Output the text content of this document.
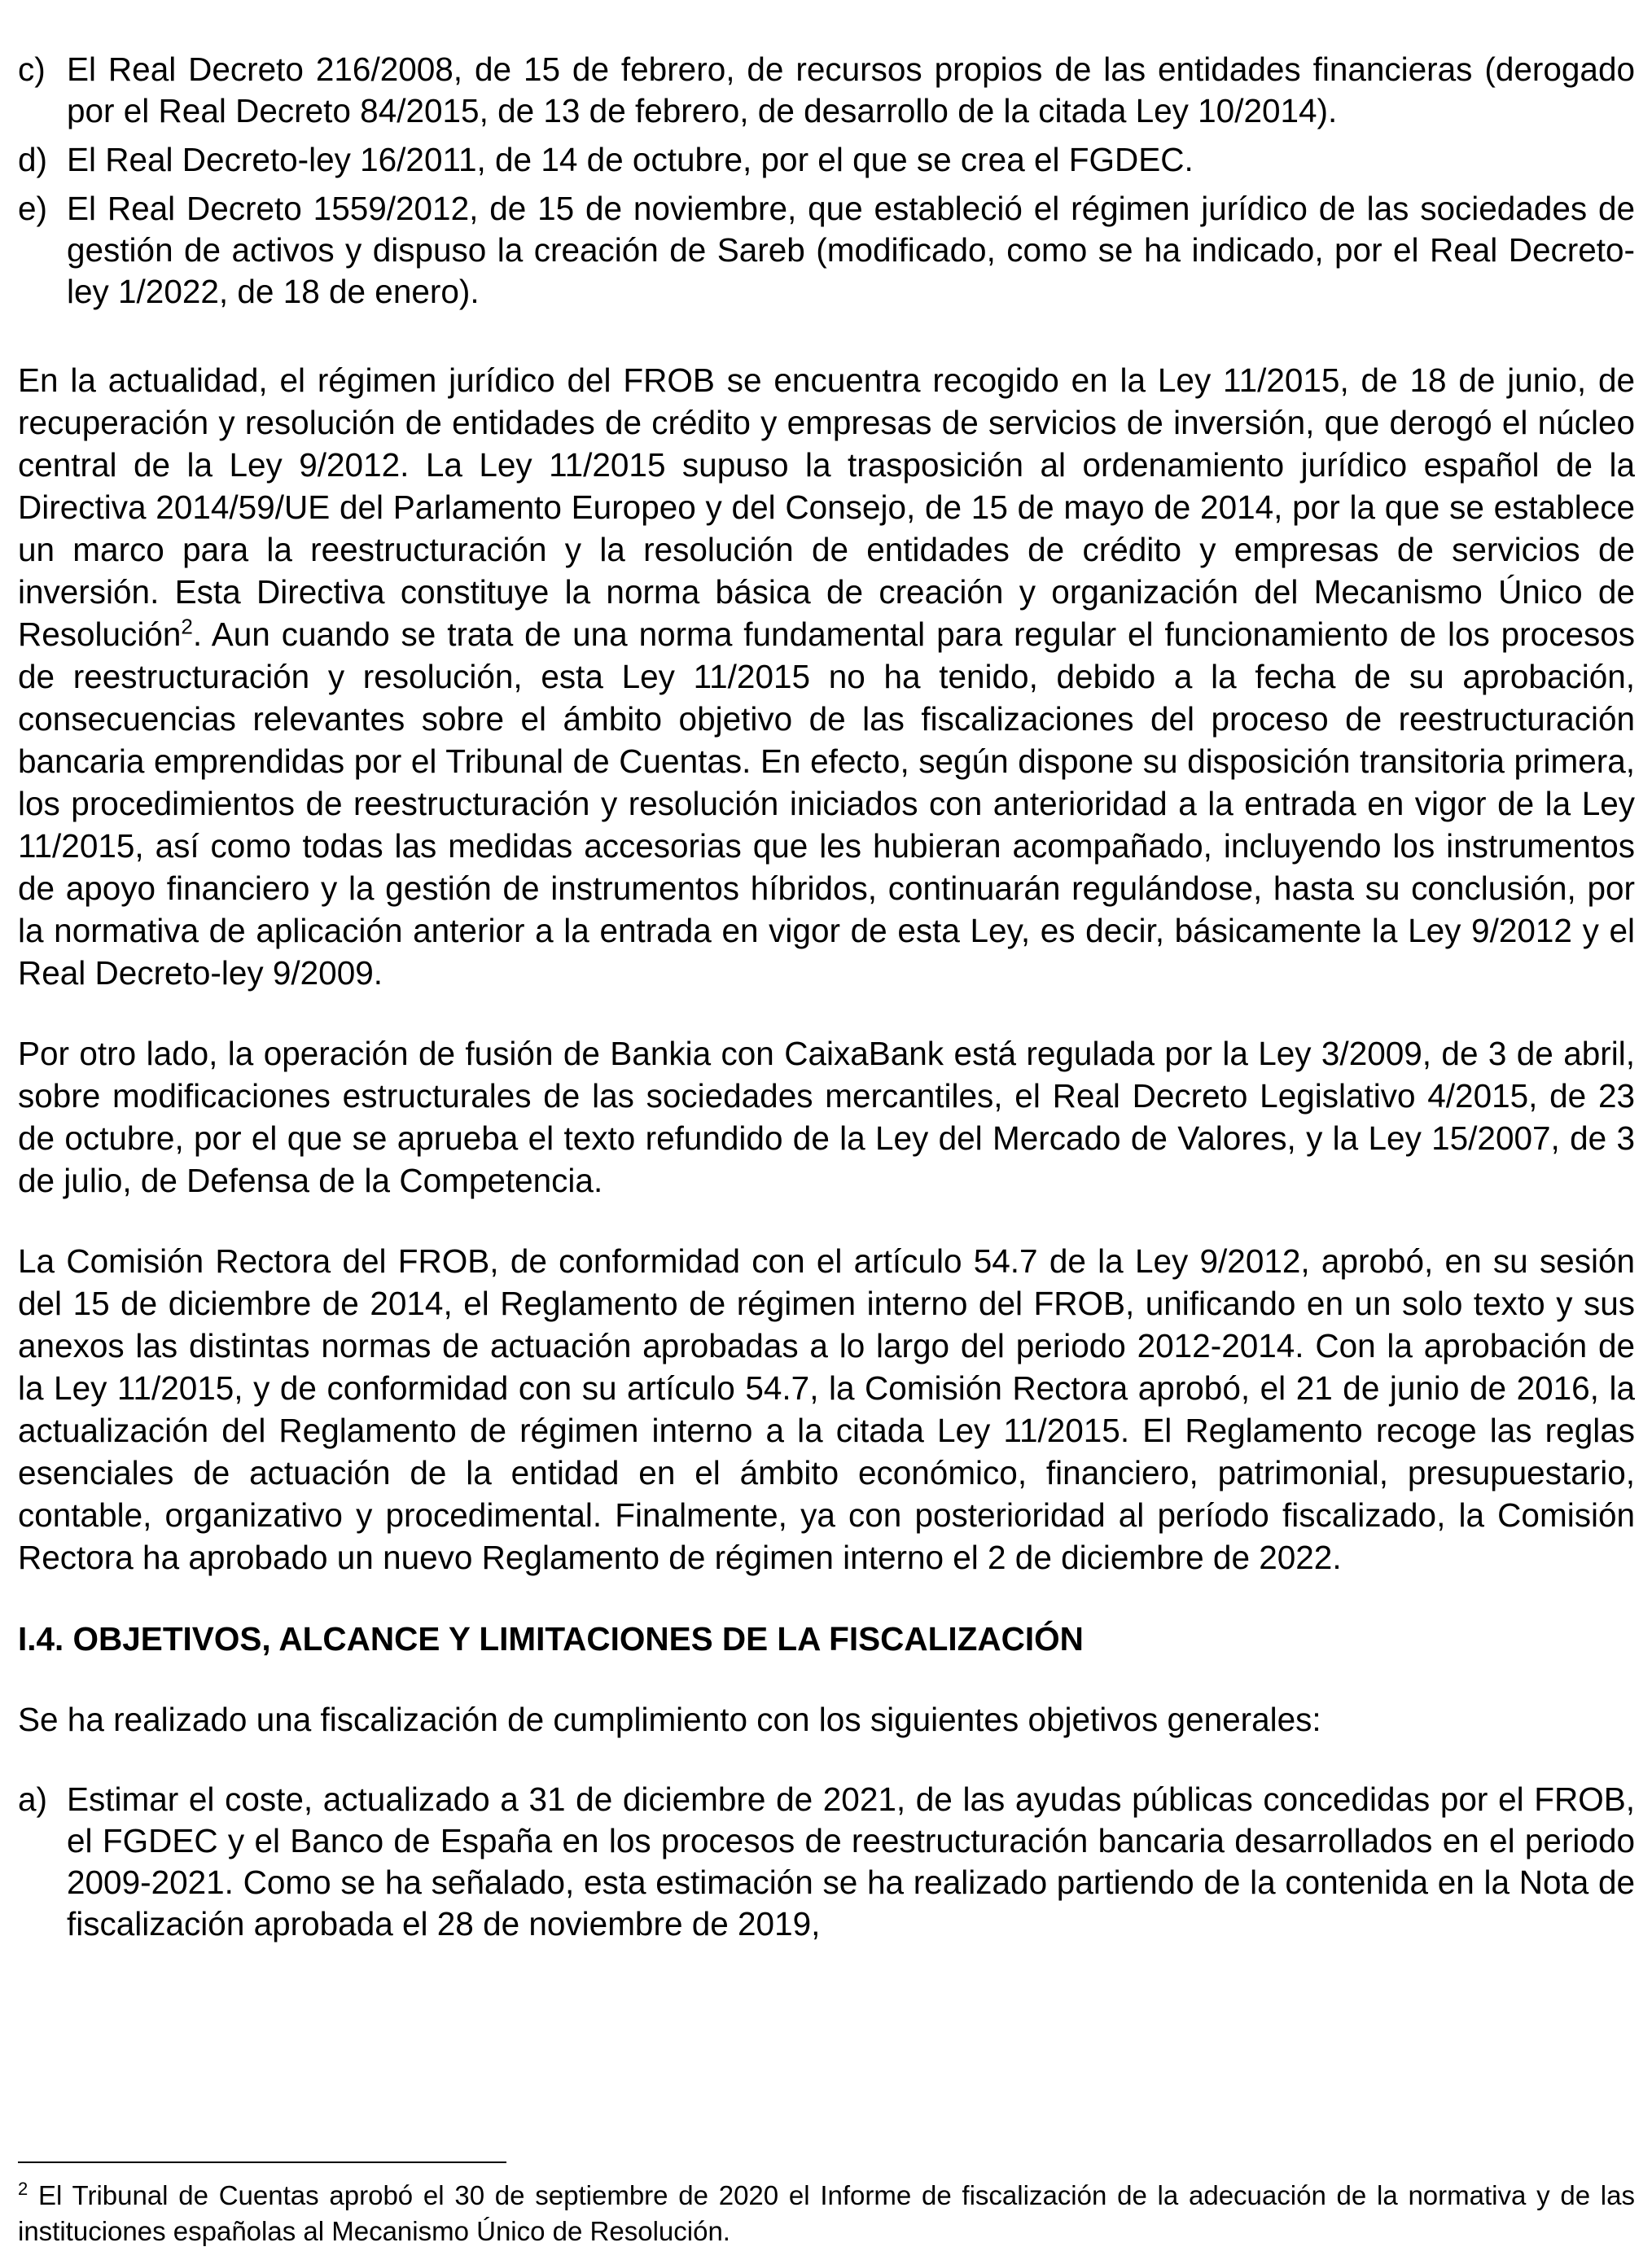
c) El Real Decreto 216/2008, de 15 de febrero, de recursos propios de las entidades financieras (derogado por el Real Decreto 84/2015, de 13 de febrero, de desarrollo de la citada Ley 10/2014).
d) El Real Decreto-ley 16/2011, de 14 de octubre, por el que se crea el FGDEC.
e) El Real Decreto 1559/2012, de 15 de noviembre, que estableció el régimen jurídico de las sociedades de gestión de activos y dispuso la creación de Sareb (modificado, como se ha indicado, por el Real Decreto-ley 1/2022, de 18 de enero).

En la actualidad, el régimen jurídico del FROB se encuentra recogido en la Ley 11/2015, de 18 de junio, de recuperación y resolución de entidades de crédito y empresas de servicios de inversión, que derogó el núcleo central de la Ley 9/2012. La Ley 11/2015 supuso la trasposición al ordenamiento jurídico español de la Directiva 2014/59/UE del Parlamento Europeo y del Consejo, de 15 de mayo de 2014, por la que se establece un marco para la reestructuración y la resolución de entidades de crédito y empresas de servicios de inversión. Esta Directiva constituye la norma básica de creación y organización del Mecanismo Único de Resolución$^2$. Aun cuando se trata de una norma fundamental para regular el funcionamiento de los procesos de reestructuración y resolución, esta Ley 11/2015 no ha tenido, debido a la fecha de su aprobación, consecuencias relevantes sobre el ámbito objetivo de las fiscalizaciones del proceso de reestructuración bancaria emprendidas por el Tribunal de Cuentas. En efecto, según dispone su disposición transitoria primera, los procedimientos de reestructuración y resolución iniciados con anterioridad a la entrada en vigor de la Ley 11/2015, así como todas las medidas accesorias que les hubieran acompañado, incluyendo los instrumentos de apoyo financiero y la gestión de instrumentos híbridos, continuarán regulándose, hasta su conclusión, por la normativa de aplicación anterior a la entrada en vigor de esta Ley, es decir, básicamente la Ley 9/2012 y el Real Decreto-ley 9/2009.

Por otro lado, la operación de fusión de Bankia con CaixaBank está regulada por la Ley 3/2009, de 3 de abril, sobre modificaciones estructurales de las sociedades mercantiles, el Real Decreto Legislativo 4/2015, de 23 de octubre, por el que se aprueba el texto refundido de la Ley del Mercado de Valores, y la Ley 15/2007, de 3 de julio, de Defensa de la Competencia.

La Comisión Rectora del FROB, de conformidad con el artículo 54.7 de la Ley 9/2012, aprobó, en su sesión del 15 de diciembre de 2014, el Reglamento de régimen interno del FROB, unificando en un solo texto y sus anexos las distintas normas de actuación aprobadas a lo largo del periodo 2012-2014. Con la aprobación de la Ley 11/2015, y de conformidad con su artículo 54.7, la Comisión Rectora aprobó, el 21 de junio de 2016, la actualización del Reglamento de régimen interno a la citada Ley 11/2015. El Reglamento recoge las reglas esenciales de actuación de la entidad en el ámbito económico, financiero, patrimonial, presupuestario, contable, organizativo y procedimental. Finalmente, ya con posterioridad al período fiscalizado, la Comisión Rectora ha aprobado un nuevo Reglamento de régimen interno el 2 de diciembre de 2022.

I.4. OBJETIVOS, ALCANCE Y LIMITACIONES DE LA FISCALIZACIÓN

Se ha realizado una fiscalización de cumplimiento con los siguientes objetivos generales:

a) Estimar el coste, actualizado a 31 de diciembre de 2021, de las ayudas públicas concedidas por el FROB, el FGDEC y el Banco de España en los procesos de reestructuración bancaria desarrollados en el periodo 2009-2021. Como se ha señalado, esta estimación se ha realizado partiendo de la contenida en la Nota de fiscalización aprobada el 28 de noviembre de 2019,
$^2$ El Tribunal de Cuentas aprobó el 30 de septiembre de 2020 el Informe de fiscalización de la adecuación de la normativa y de las instituciones españolas al Mecanismo Único de Resolución.
